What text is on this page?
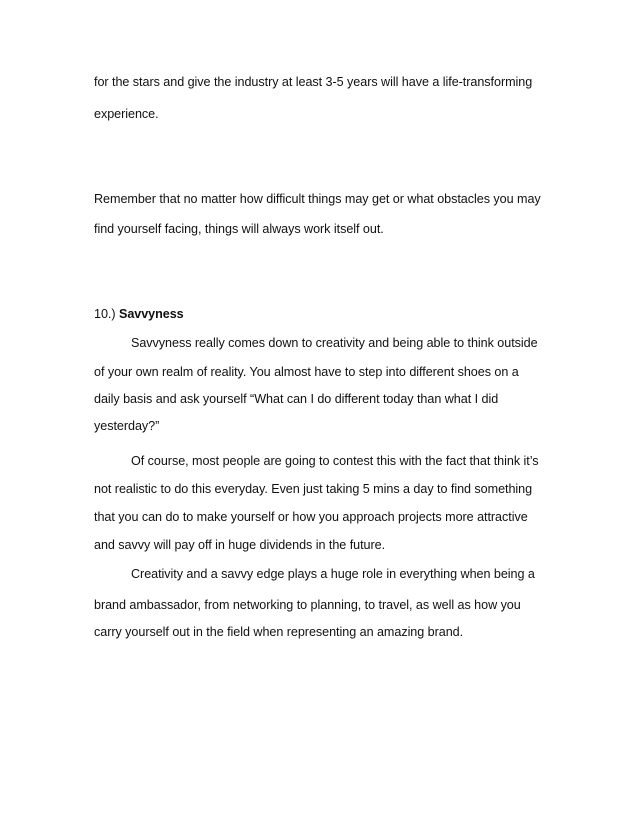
for the stars and give the industry at least 3-5 years will have a life-transforming
experience.
Remember that no matter how difficult things may get or what obstacles you may
find yourself facing, things will always work itself out.
10.) Savvyness
Savvyness really comes down to creativity and being able to think outside
of your own realm of reality. You almost have to step into different shoes on a
daily basis and ask yourself “What can I do different today than what I did
yesterday?”
Of course, most people are going to contest this with the fact that think it’s
not realistic to do this everyday. Even just taking 5 mins a day to find something
that you can do to make yourself or how you approach projects more attractive
and savvy will pay off in huge dividends in the future.
Creativity and a savvy edge plays a huge role in everything when being a
brand ambassador, from networking to planning, to travel, as well as how you
carry yourself out in the field when representing an amazing brand.
